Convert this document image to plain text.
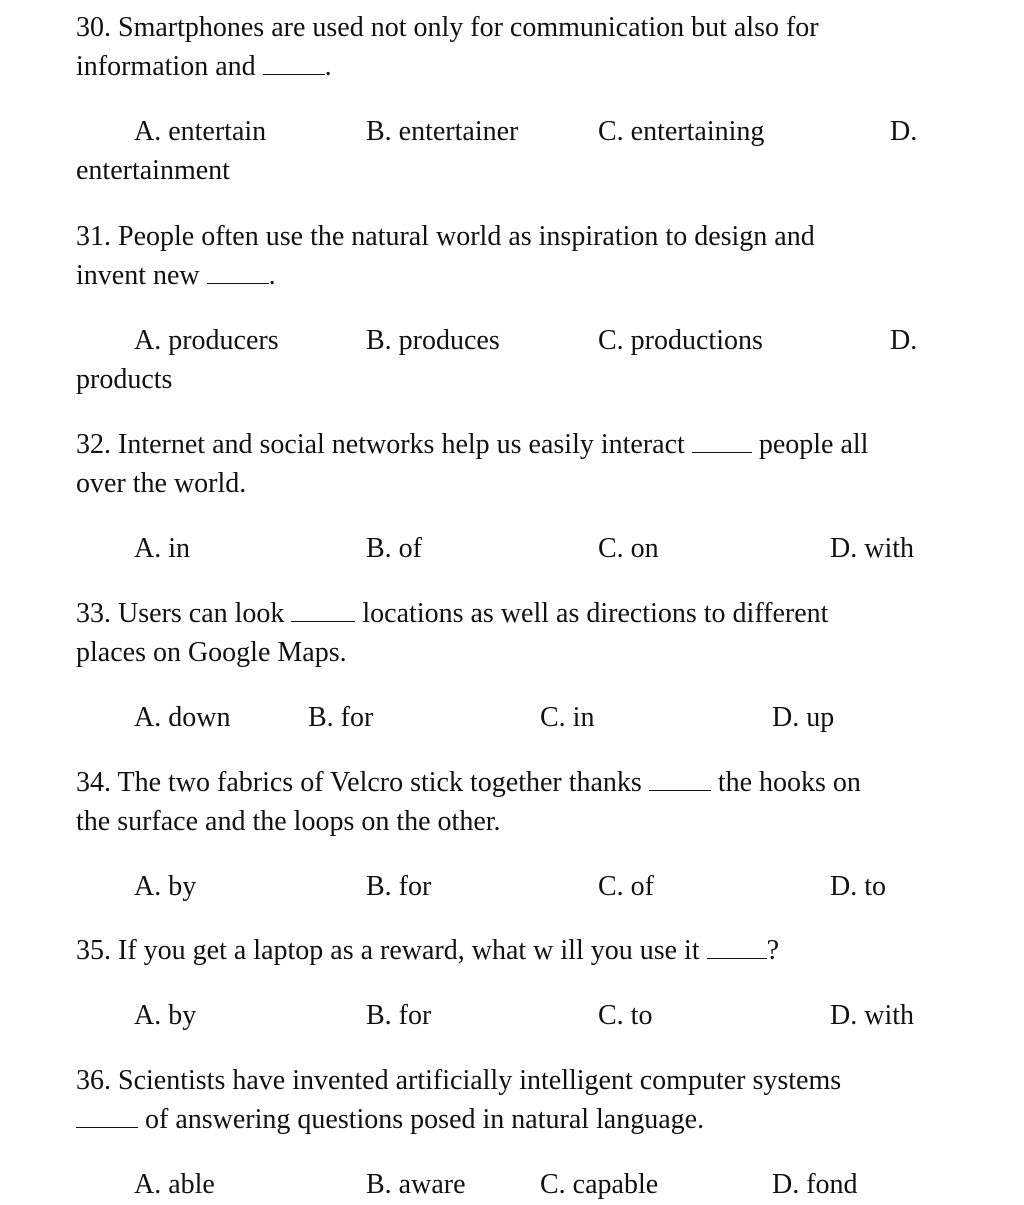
30. Smartphones are used not only for communication but also for
information and .
A. entertain	B. entertainer	C. entertaining	D.
entertainment
31. People often use the natural world as inspiration to design and
invent new .
A. producers	B. produces	C. productions	D.
products
32. Internet and social networks help us easily interact	people all
over the world.
A. in	B. of	C. on	D. with
33. Users can look	locations as well as directions to different
places on Google Maps.
A. down	B. for	C. in	D. up
34. The two fabrics of Velcro stick together thanks	the hooks on
the surface and the loops on the other.
A. by	B. for	C. of	D. to
35. If you get a laptop as a reward, what w ill you use it ?
A. by	B. for	C. to	D. with
36. Scientists have invented artificially intelligent computer systems
of answering questions posed in natural language.
A. able	B. aware	C. capable	D. fond
